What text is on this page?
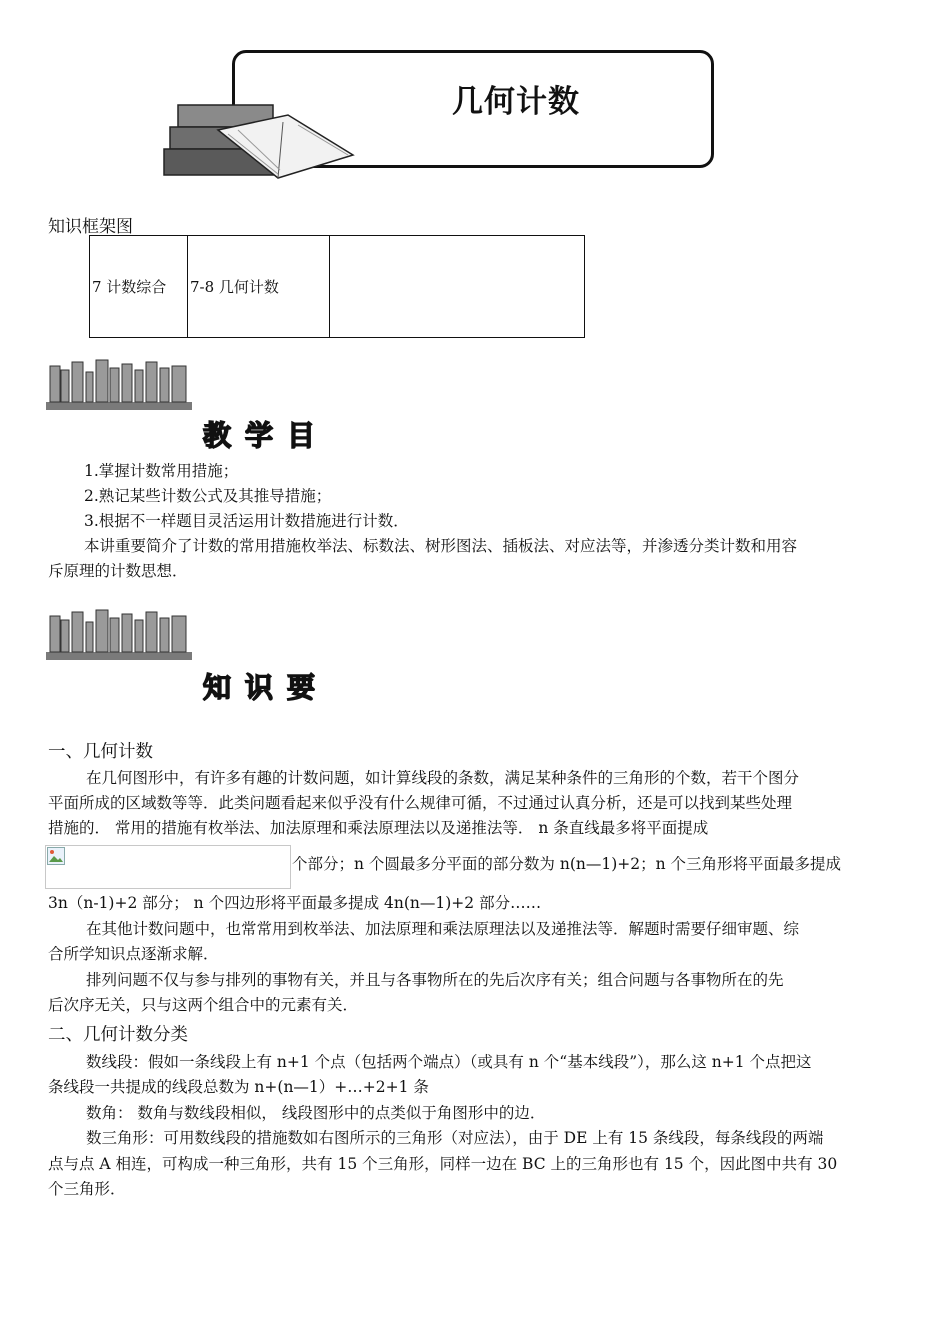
几何计数
知识框架图
7 计数综合	7-8 几何计数	
教学目
1.掌握计数常用措施；
2.熟记某些计数公式及其推导措施；
3.根据不一样题目灵活运用计数措施进行计数．
本讲重要简介了计数的常用措施枚举法、标数法、树形图法、插板法、对应法等，并渗透分类计数和用容
斥原理的计数思想．
知识要
一、几何计数
在几何图形中，有许多有趣的计数问题，如计算线段的条数，满足某种条件的三角形的个数，若干个图分
平面所成的区域数等等．此类问题看起来似乎没有什么规律可循，不过通过认真分析，还是可以找到某些处理
措施的． 常用的措施有枚举法、加法原理和乘法原理法以及递推法等． n 条直线最多将平面提成
个部分；n 个圆最多分平面的部分数为 n(n—1)+2；n 个三角形将平面最多提成
3n（n-1)+2 部分； n 个四边形将平面最多提成 4n(n—1)+2 部分……
在其他计数问题中，也常常用到枚举法、加法原理和乘法原理法以及递推法等．解题时需要仔细审题、综
合所学知识点逐渐求解．
排列问题不仅与参与排列的事物有关，并且与各事物所在的先后次序有关；组合问题与各事物所在的先
后次序无关，只与这两个组合中的元素有关．
二、几何计数分类
数线段：假如一条线段上有 n+1 个点（包括两个端点）（或具有 n 个“基本线段”），那么这 n+1 个点把这
条线段一共提成的线段总数为 n+(n—1）+…+2+1 条
数角： 数角与数线段相似， 线段图形中的点类似于角图形中的边．
数三角形：可用数线段的措施数如右图所示的三角形（对应法），由于 DE 上有 15 条线段，每条线段的两端
点与点 A 相连，可构成一种三角形，共有 15 个三角形，同样一边在 BC 上的三角形也有 15 个，因此图中共有 30
个三角形．
